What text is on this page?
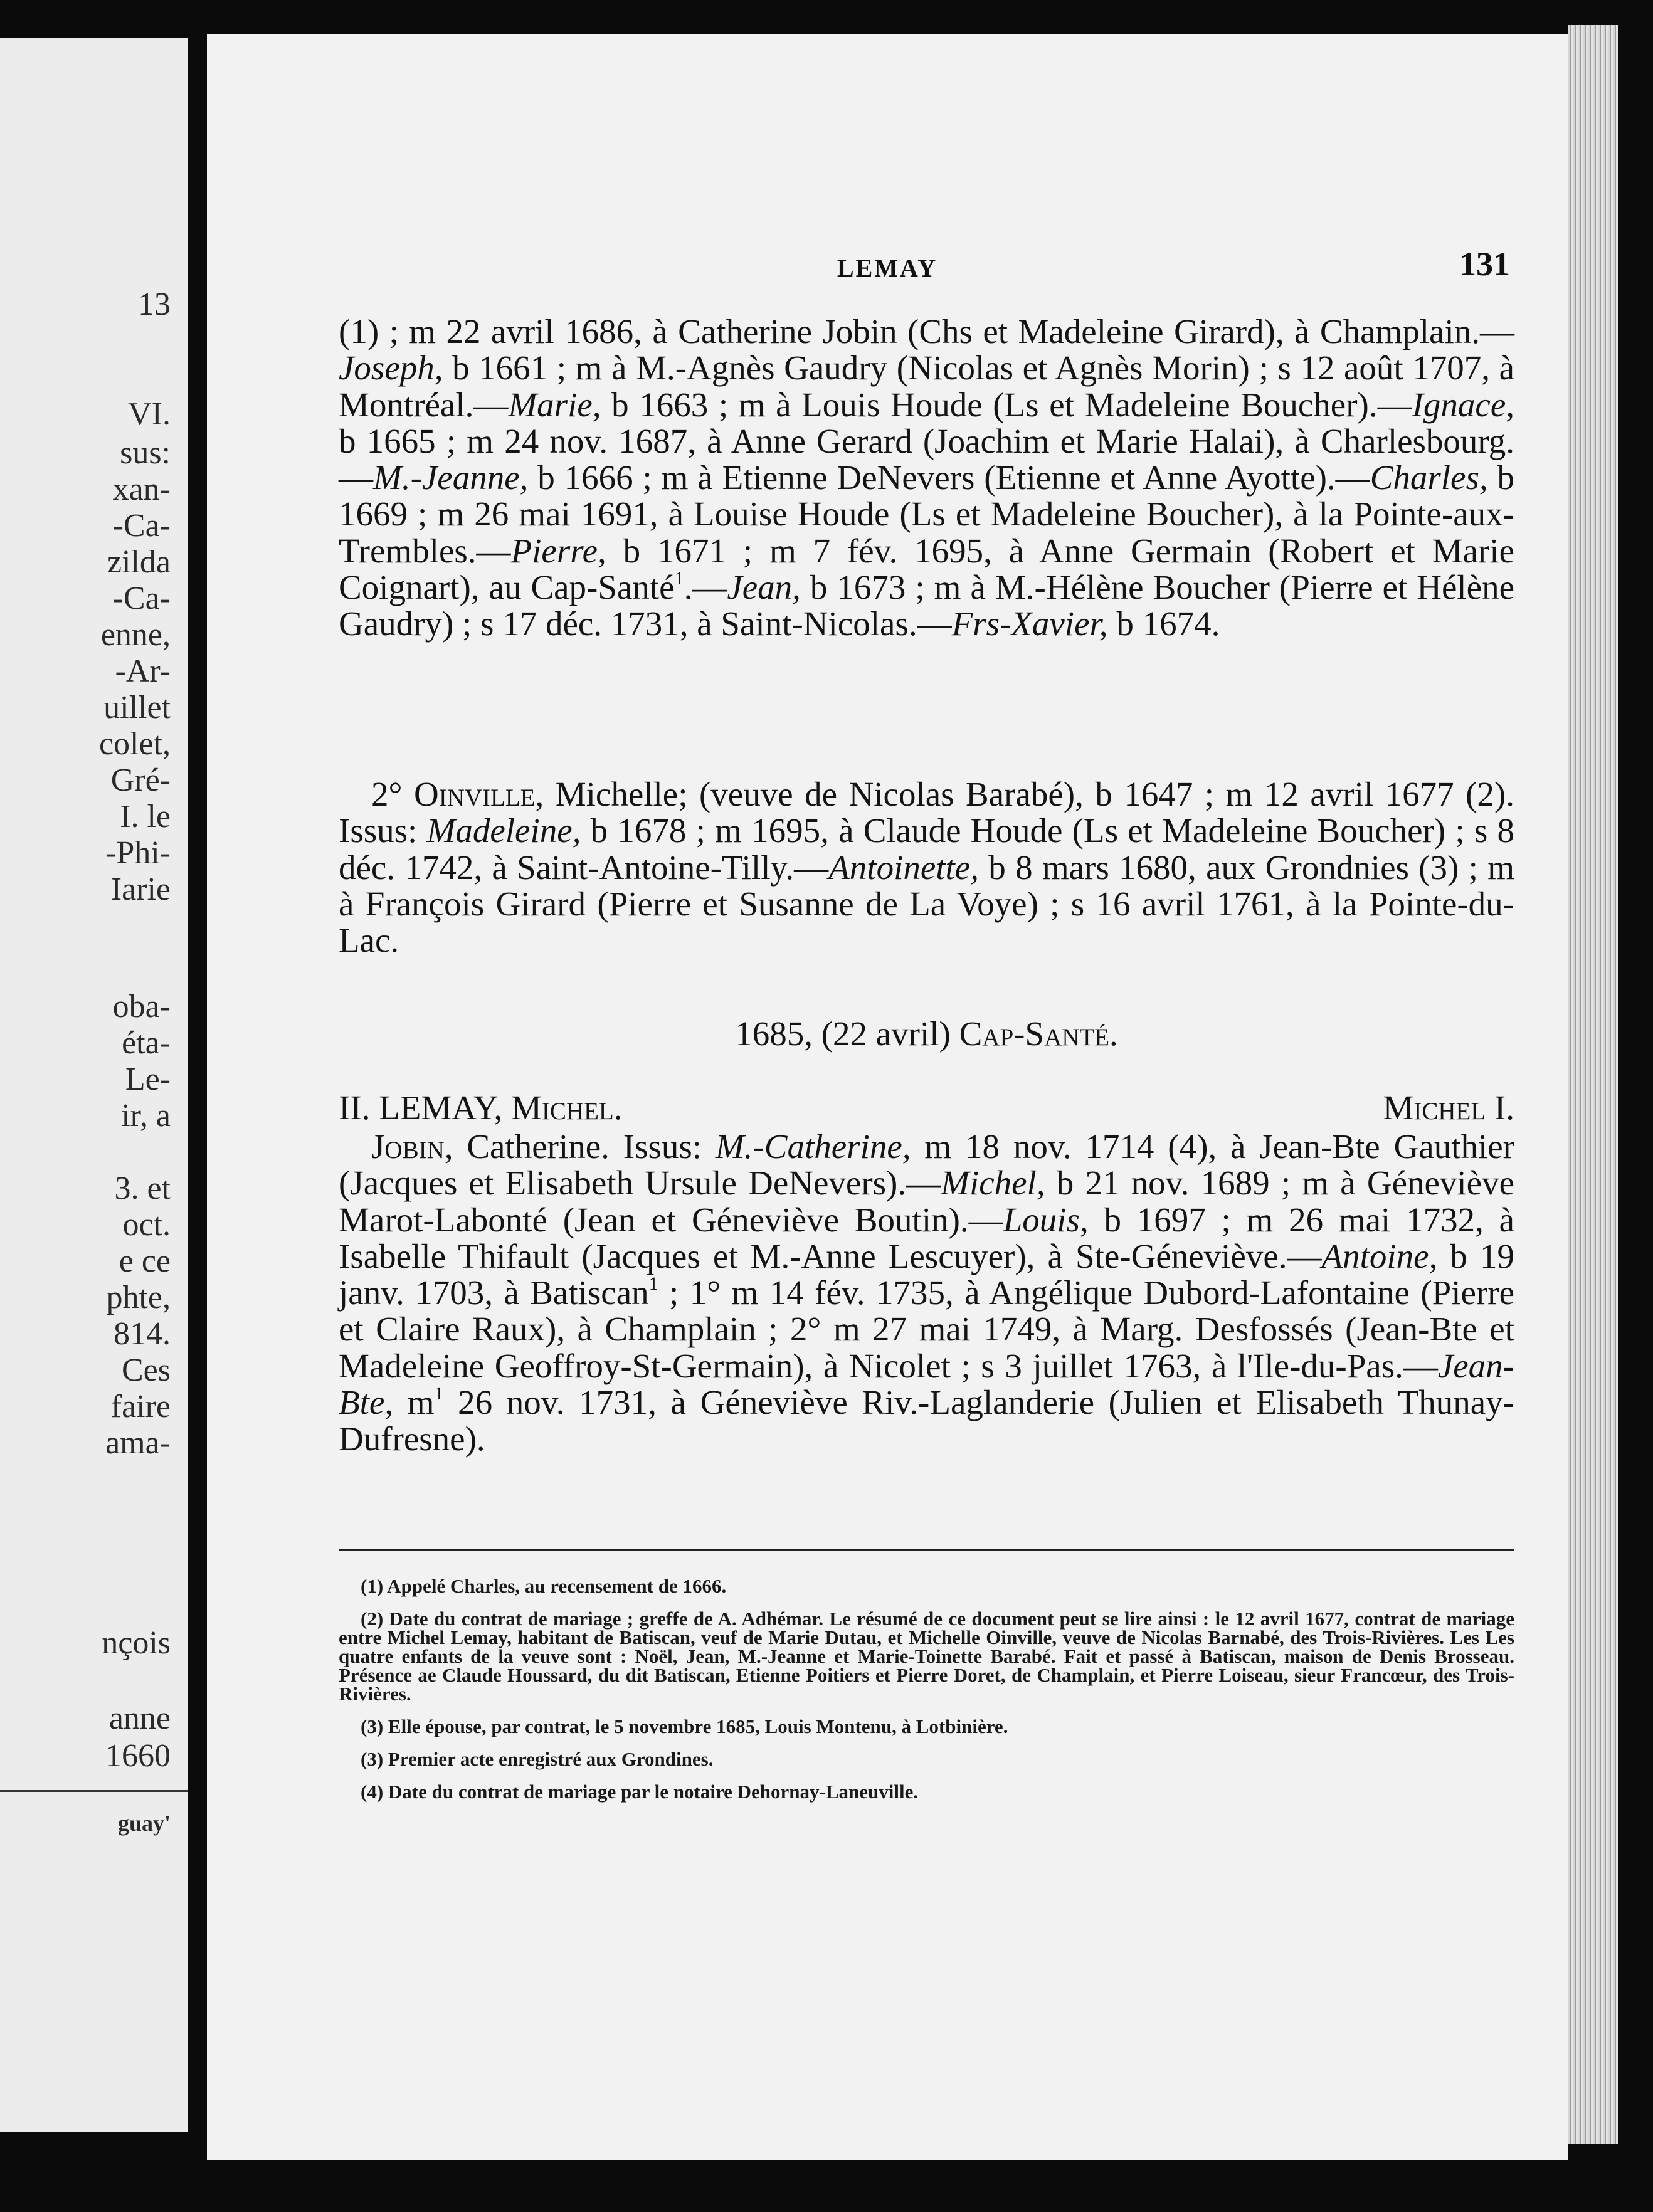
13
VI.
sus:
xan-
-Ca-
zilda
-Ca-
enne,
-Ar-
uillet
colet,
Gré-
I. le
-Phi-
Iarie
oba-
éta-
Le-
ir, a
3. et
oct.
e ce
phte,
814.
Ces
faire
ama-
nçois
anne
1660
guay'
LEMAY	131

(1) ; m 22 avril 1686, à Catherine Jobin (Chs et Madeleine Girard), à Champlain.—Joseph, b 1661 ; m à M.-Agnès Gaudry (Nicolas et Agnès Morin) ; s 12 août 1707, à Montréal.—Marie, b 1663 ; m à Louis Houde (Ls et Madeleine Boucher).—Ignace, b 1665 ; m 24 nov. 1687, à Anne Gerard (Joachim et Marie Halai), à Charlesbourg.—M.-Jeanne, b 1666 ; m à Etienne DeNevers (Etienne et Anne Ayotte).—Charles, b 1669 ; m 26 mai 1691, à Louise Houde (Ls et Madeleine Boucher), à la Pointe-aux-Trembles.—Pierre, b 1671 ; m 7 fév. 1695, à Anne Germain (Robert et Marie Coignart), au Cap-Santé$^1$.—Jean, b 1673 ; m à M.-Hélène Boucher (Pierre et Hélène Gaudry) ; s 17 déc. 1731, à Saint-Nicolas.—Frs-Xavier, b 1674.

2° Oinville, Michelle; (veuve de Nicolas Barabé), b 1647 ; m 12 avril 1677 (2). Issus: Madeleine, b 1678 ; m 1695, à Claude Houde (Ls et Madeleine Boucher) ; s 8 déc. 1742, à Saint-Antoine-Tilly.—Antoinette, b 8 mars 1680, aux Grondnies (3) ; m à François Girard (Pierre et Susanne de La Voye) ; s 16 avril 1761, à la Pointe-du-Lac.

1685, (22 avril) Cap-Santé.
II. LEMAY, Michel.	Michel I.

Jobin, Catherine. Issus: M.-Catherine, m 18 nov. 1714 (4), à Jean-Bte Gauthier (Jacques et Elisabeth Ursule DeNevers).—Michel, b 21 nov. 1689 ; m à Géneviève Marot-Labonté (Jean et Géneviève Boutin).—Louis, b 1697 ; m 26 mai 1732, à Isabelle Thifault (Jacques et M.-Anne Lescuyer), à Ste-Géneviève.—Antoine, b 19 janv. 1703, à Batiscan$^1$ ; 1° m 14 fév. 1735, à Angélique Dubord-Lafontaine (Pierre et Claire Raux), à Champlain ; 2° m 27 mai 1749, à Marg. Desfossés (Jean-Bte et Madeleine Geoffroy-St-Germain), à Nicolet ; s 3 juillet 1763, à l'Ile-du-Pas.—Jean-Bte, $m^1$ 26 nov. 1731, à Géneviève Riv.-Laglanderie (Julien et Elisabeth Thunay-Dufresne).

(1) Appelé Charles, au recensement de 1666.

(2) Date du contrat de mariage ; greffe de A. Adhémar. Le résumé de ce document peut se lire ainsi : le 12 avril 1677, contrat de mariage entre Michel Lemay, habitant de Batiscan, veuf de Marie Dutau, et Michelle Oinville, veuve de Nicolas Barnabé, des Trois-Rivières. Les Les quatre enfants de la veuve sont : Noël, Jean, M.-Jeanne et Marie-Toinette Barabé. Fait et passé à Batiscan, maison de Denis Brosseau. Présence ae Claude Houssard, du dit Batiscan, Etienne Poitiers et Pierre Doret, de Champlain, et Pierre Loiseau, sieur Francœur, des Trois-Rivières.

(3) Elle épouse, par contrat, le 5 novembre 1685, Louis Montenu, à Lotbinière.

(3) Premier acte enregistré aux Grondines.

(4) Date du contrat de mariage par le notaire Dehornay-Laneuville.
